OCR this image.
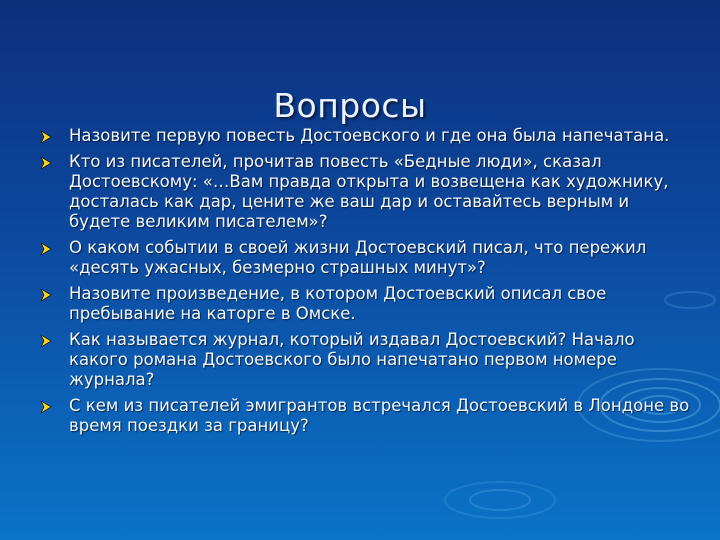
Вопросы
Назовите первую повесть Достоевского и где она была напечатана.
Кто из писателей, прочитав повесть «Бедные люди», сказал Достоевскому: «…Вам правда открыта и возвещена как художнику, досталась как дар, цените же ваш дар и оставайтесь верным и будете великим писателем»?
О каком событии в своей жизни Достоевский писал, что пережил «десять ужасных, безмерно страшных минут»?
Назовите произведение, в котором Достоевский описал свое пребывание на каторге в Омске.
Как называется журнал, который издавал Достоевский? Начало какого романа Достоевского было напечатано первом номере журнала?
С кем из писателей эмигрантов встречался Достоевский в Лондоне во время поездки за границу?
